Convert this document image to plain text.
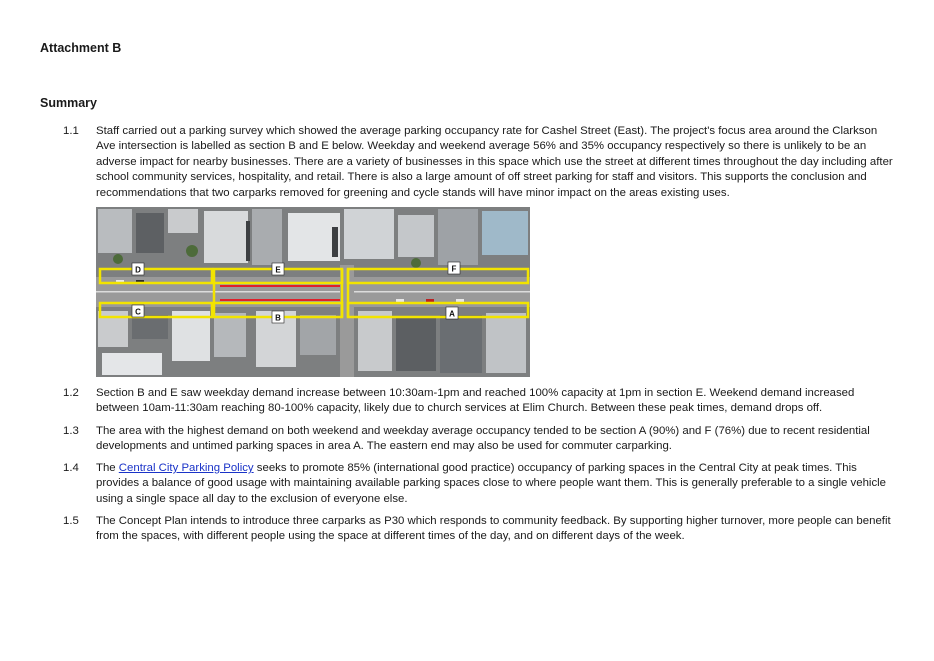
Attachment B
Summary
1.1	Staff carried out a parking survey which showed the average parking occupancy rate for Cashel Street (East). The project's focus area around the Clarkson Ave intersection is labelled as section B and E below. Weekday and weekend average 56% and 35% occupancy respectively so there is unlikely to be an adverse impact for nearby businesses. There are a variety of businesses in this space which use the street at different times throughout the day including after school community services, hospitality, and retail. There is also a large amount of off street parking for staff and visitors. This supports the conclusion and recommendations that two carparks removed for greening and cycle stands will have minor impact on the areas existing uses.
D	E	F
C
B	A
1.2	Section B and E saw weekday demand increase between 10:30am-1pm and reached 100% capacity at 1pm in section E. Weekend demand increased between 10am-11:30am reaching 80-100% capacity, likely due to church services at Elim Church. Between these peak times, demand drops off.
1.3	The area with the highest demand on both weekend and weekday average occupancy tended to be section A (90%) and F (76%) due to recent residential developments and untimed parking spaces in area A. The eastern end may also be used for commuter carparking.
1.4	The Central City Parking Policy seeks to promote 85% (international good practice) occupancy of parking spaces in the Central City at peak times. This provides a balance of good usage with maintaining available parking spaces close to where people want them. This is generally preferable to a single vehicle using a single space all day to the exclusion of everyone else.
1.5	The Concept Plan intends to introduce three carparks as P30 which responds to community feedback. By supporting higher turnover, more people can benefit from the spaces, with different people using the space at different times of the day, and on different days of the week.
